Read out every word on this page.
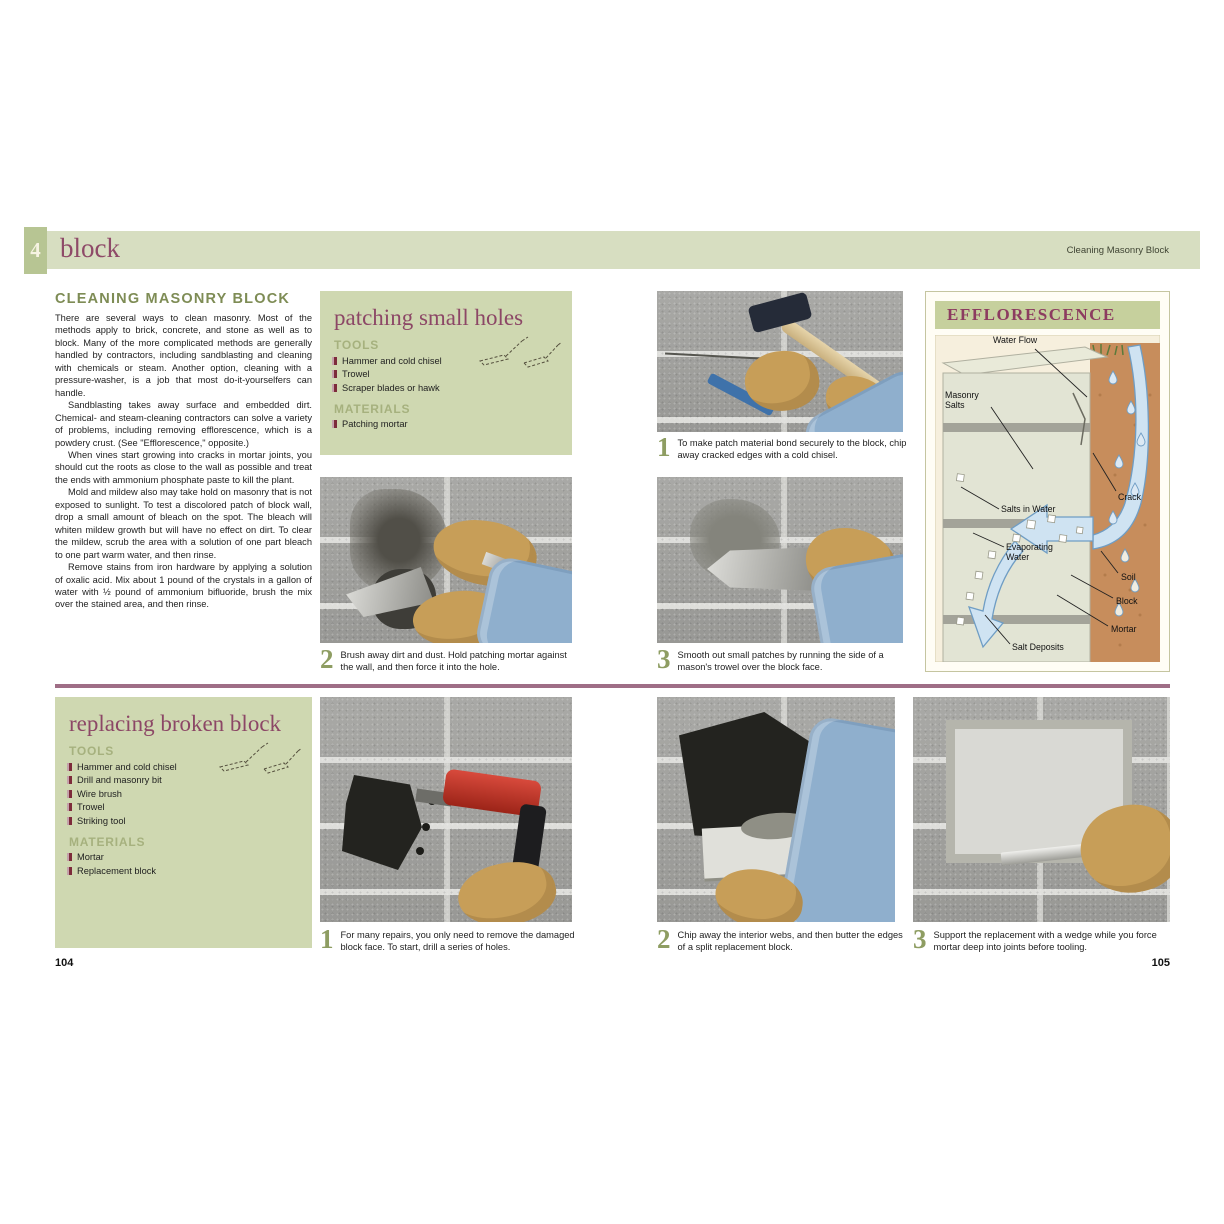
4 block	Cleaning Masonry Block
CLEANING MASONRY BLOCK

There are several ways to clean masonry. Most of the methods apply to brick, concrete, and stone as well as to block. Many of the more complicated methods are generally handled by contractors, including sandblasting and cleaning with chemicals or steam. Another option, cleaning with a pressure-washer, is a job that most do-it-yourselfers can handle.

Sandblasting takes away surface and embedded dirt. Chemical- and steam-cleaning contractors can solve a variety of problems, including removing efflorescence, which is a powdery crust. (See "Efflorescence," opposite.)

When vines start growing into cracks in mortar joints, you should cut the roots as close to the wall as possible and treat the ends with ammonium phosphate paste to kill the plant.

Mold and mildew also may take hold on masonry that is not exposed to sunlight. To test a discolored patch of block wall, drop a small amount of bleach on the spot. The bleach will whiten mildew growth but will have no effect on dirt. To clear the mildew, scrub the area with a solution of one part bleach to one part warm water, and then rinse.

Remove stains from iron hardware by applying a solution of oxalic acid. Mix about 1 pound of the crystals in a gallon of water with ½ pound of ammonium bifluoride, brush the mix over the stained area, and then rinse.

patching small holes
TOOLS
Hammer and cold chisel
Trowel
Scraper blades or hawk
MATERIALS
Patching mortar
1 To make patch material bond securely to the block, chip away cracked edges with a cold chisel.
2 Brush away dirt and dust. Hold patching mortar against the wall, and then force it into the hole.	3 Smooth out small patches by running the side of a mason's trowel over the block face.
EFFLORESCENCE
Water Flow
Masonry Salts
Crack
Salts in Water
Evaporating Water
Soil
Block
Mortar
Salt Deposits
replacing broken block
TOOLS
Hammer and cold chisel
Drill and masonry bit
Wire brush
Trowel
Striking tool
MATERIALS
Mortar
Replacement block
1 For many repairs, you only need to remove the damaged block face. To start, drill a series of holes.	2 Chip away the interior webs, and then butter the edges of a split replacement block.	3 Support the replacement with a wedge while you force mortar deep into joints before tooling.
104	105
